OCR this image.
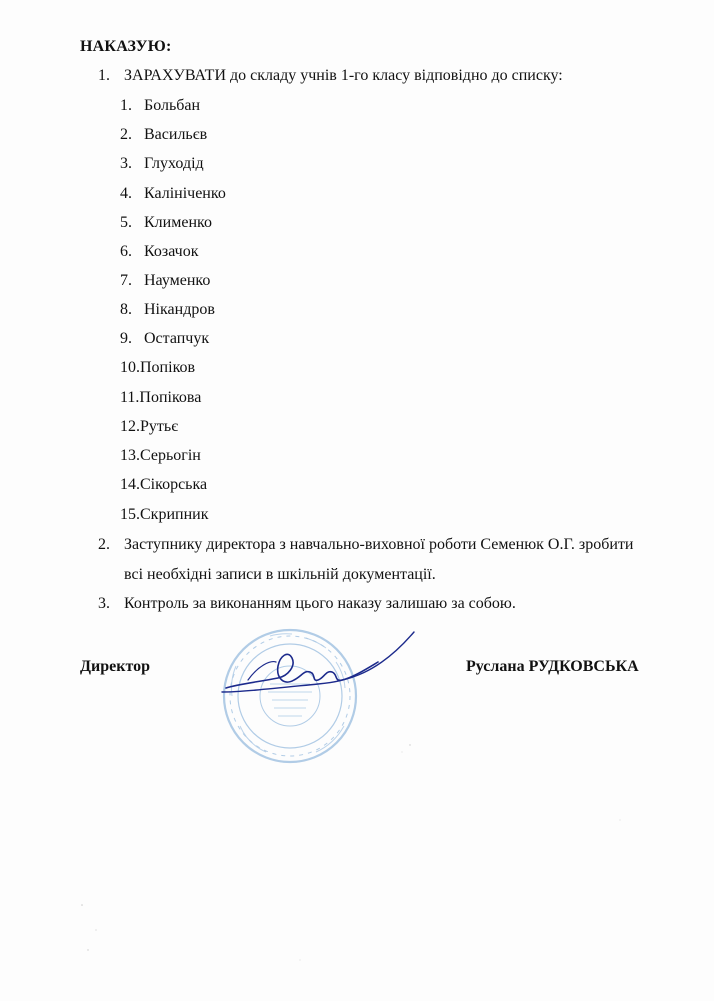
НАКАЗУЮ:
1. ЗАРАХУВАТИ до складу учнів 1-го класу відповідно до списку:
1. Больбан
2. Васильєв
3. Глуходід
4. Калініченко
5. Клименко
6. Козачок
7. Науменко
8. Нікандров
9. Остапчук
10.Попіков
11.Попікова
12.Рутьє
13.Серьогін
14.Сікорська
15.Скрипник
2. Заступнику директора з навчально-виховної роботи Семенюк О.Г. зробити
всі необхідні записи в шкільній документації.
3. Контроль за виконанням цього наказу залишаю за собою.
Директор	Руслана РУДКОВСЬКА
